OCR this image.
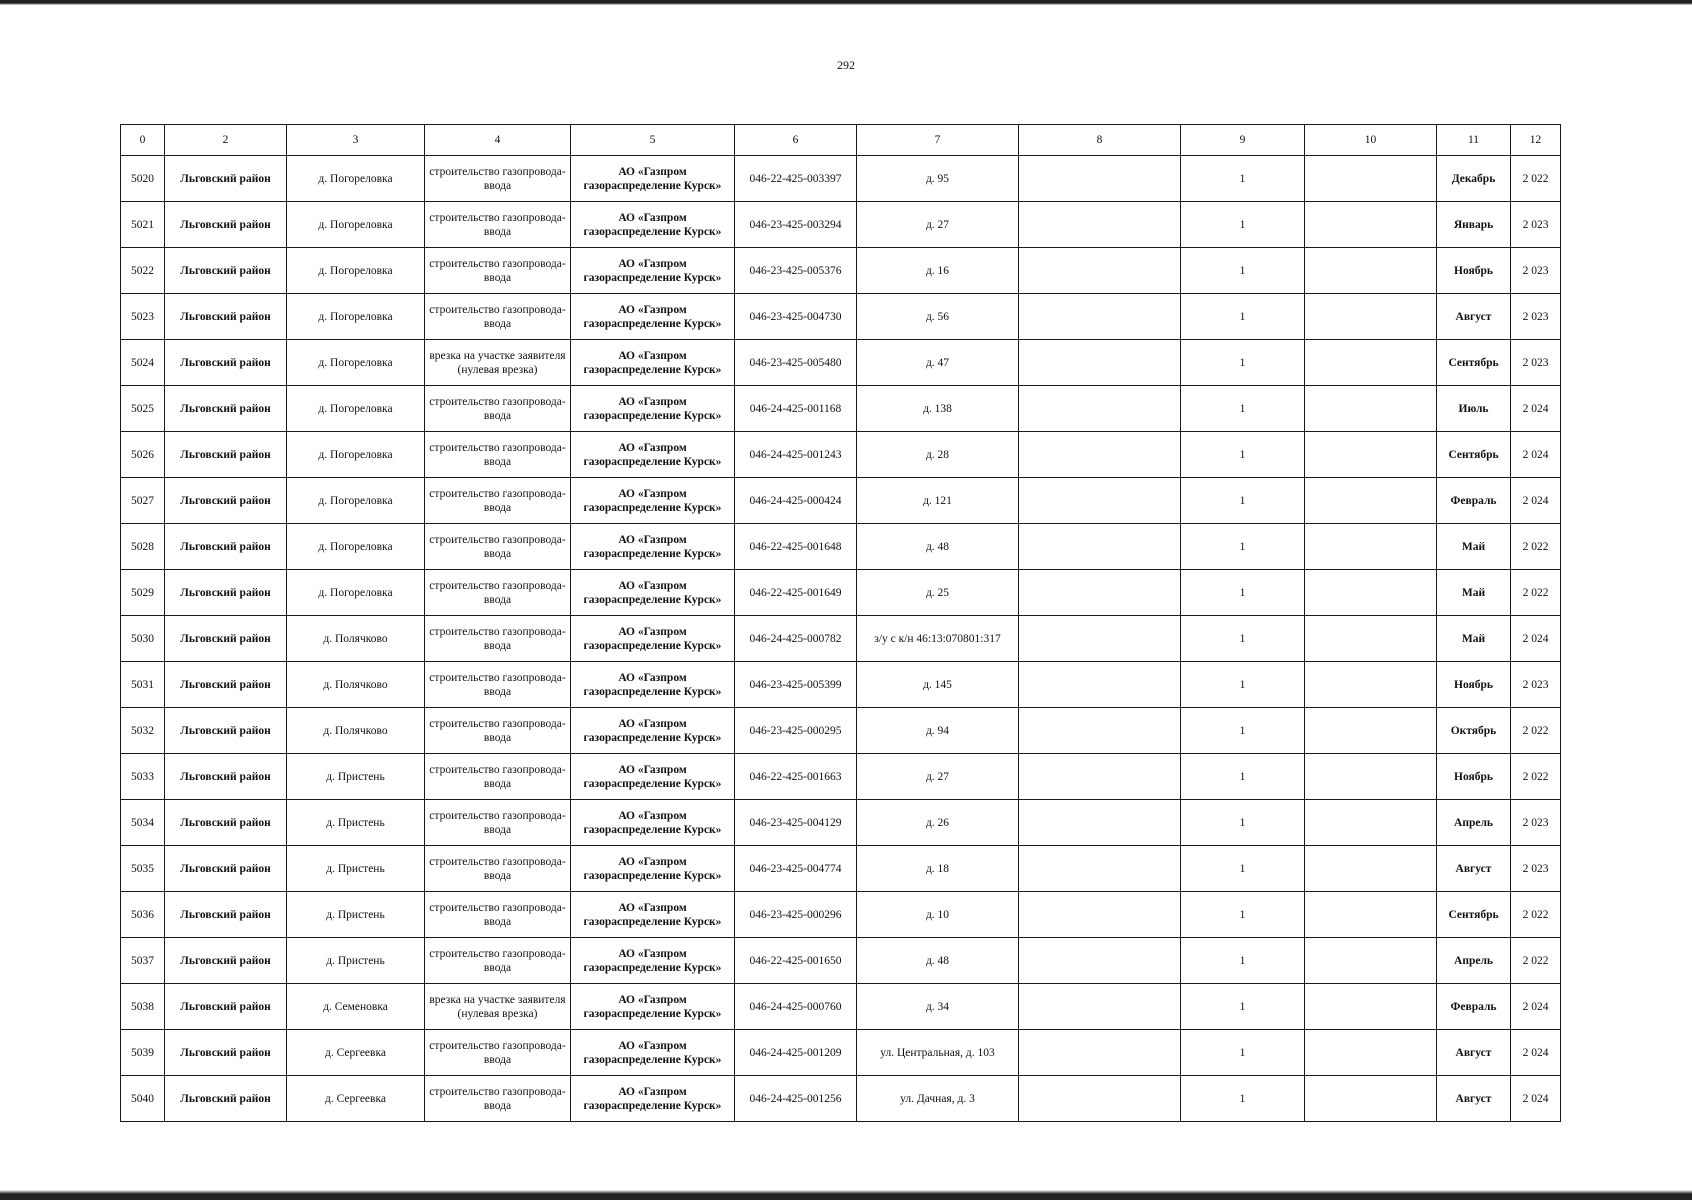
292
0	2	3	4	5	6	7	8	9	10	11	12
5020	Льговский район	д. Погореловка	строительство газопровода-ввода	АО «Газпром газораспределение Курск»	046-22-425-003397	д. 95		1		Декабрь	2 022
5021	Льговский район	д. Погореловка	строительство газопровода-ввода	АО «Газпром газораспределение Курск»	046-23-425-003294	д. 27		1		Январь	2 023
5022	Льговский район	д. Погореловка	строительство газопровода-ввода	АО «Газпром газораспределение Курск»	046-23-425-005376	д. 16		1		Ноябрь	2 023
5023	Льговский район	д. Погореловка	строительство газопровода-ввода	АО «Газпром газораспределение Курск»	046-23-425-004730	д. 56		1		Август	2 023
5024	Льговский район	д. Погореловка	врезка на участке заявителя (нулевая врезка)	АО «Газпром газораспределение Курск»	046-23-425-005480	д. 47		1		Сентябрь	2 023
5025	Льговский район	д. Погореловка	строительство газопровода-ввода	АО «Газпром газораспределение Курск»	046-24-425-001168	д. 138		1		Июль	2 024
5026	Льговский район	д. Погореловка	строительство газопровода-ввода	АО «Газпром газораспределение Курск»	046-24-425-001243	д. 28		1		Сентябрь	2 024
5027	Льговский район	д. Погореловка	строительство газопровода-ввода	АО «Газпром газораспределение Курск»	046-24-425-000424	д. 121		1		Февраль	2 024
5028	Льговский район	д. Погореловка	строительство газопровода-ввода	АО «Газпром газораспределение Курск»	046-22-425-001648	д. 48		1		Май	2 022
5029	Льговский район	д. Погореловка	строительство газопровода-ввода	АО «Газпром газораспределение Курск»	046-22-425-001649	д. 25		1		Май	2 022
5030	Льговский район	д. Полячково	строительство газопровода-ввода	АО «Газпром газораспределение Курск»	046-24-425-000782	з/у с к/н 46:13:070801:317		1		Май	2 024
5031	Льговский район	д. Полячково	строительство газопровода-ввода	АО «Газпром газораспределение Курск»	046-23-425-005399	д. 145		1		Ноябрь	2 023
5032	Льговский район	д. Полячково	строительство газопровода-ввода	АО «Газпром газораспределение Курск»	046-23-425-000295	д. 94		1		Октябрь	2 022
5033	Льговский район	д. Пристень	строительство газопровода-ввода	АО «Газпром газораспределение Курск»	046-22-425-001663	д. 27		1		Ноябрь	2 022
5034	Льговский район	д. Пристень	строительство газопровода-ввода	АО «Газпром газораспределение Курск»	046-23-425-004129	д. 26		1		Апрель	2 023
5035	Льговский район	д. Пристень	строительство газопровода-ввода	АО «Газпром газораспределение Курск»	046-23-425-004774	д. 18		1		Август	2 023
5036	Льговский район	д. Пристень	строительство газопровода-ввода	АО «Газпром газораспределение Курск»	046-23-425-000296	д. 10		1		Сентябрь	2 022
5037	Льговский район	д. Пристень	строительство газопровода-ввода	АО «Газпром газораспределение Курск»	046-22-425-001650	д. 48		1		Апрель	2 022
5038	Льговский район	д. Семеновка	врезка на участке заявителя (нулевая врезка)	АО «Газпром газораспределение Курск»	046-24-425-000760	д. 34		1		Февраль	2 024
5039	Льговский район	д. Сергеевка	строительство газопровода-ввода	АО «Газпром газораспределение Курск»	046-24-425-001209	ул. Центральная, д. 103		1		Август	2 024
5040	Льговский район	д. Сергеевка	строительство газопровода-ввода	АО «Газпром газораспределение Курск»	046-24-425-001256	ул. Дачная, д. 3		1		Август	2 024
